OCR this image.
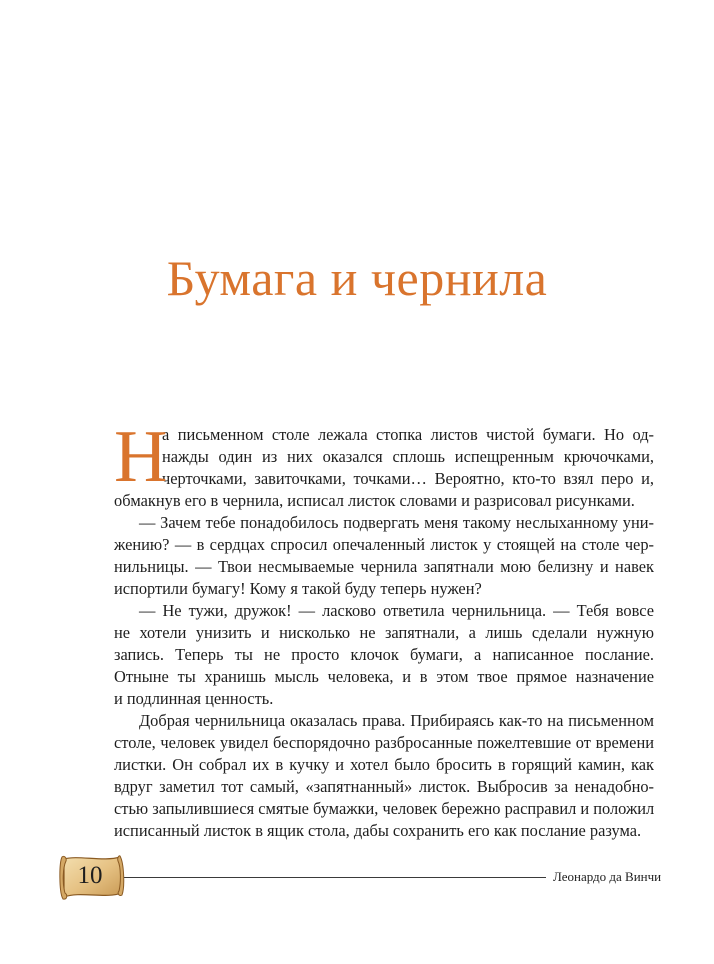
Бумага и чернила
Н
а письменном столе лежала стопка листов чистой бумаги. Но од-
нажды один из них оказался сплошь испещренным крючочками,
черточками, завиточками, точками… Вероятно, кто-то взял перо и,
обмакнув его в чернила, исписал листок словами и разрисовал рисунками.
— Зачем тебе понадобилось подвергать меня такому неслыханному уни-
жению? — в сердцах спросил опечаленный листок у стоящей на столе чер-
нильницы. — Твои несмываемые чернила запятнали мою белизну и навек
испортили бумагу! Кому я такой буду теперь нужен?
— Не тужи, дружок! — ласково ответила чернильница. — Тебя вовсе
не хотели унизить и нисколько не запятнали, а лишь сделали нужную
запись. Теперь ты не просто клочок бумаги, а написанное послание.
Отныне ты хранишь мысль человека, и в этом твое прямое назначение
и подлинная ценность.
Добрая чернильница оказалась права. Прибираясь как-то на письменном
столе, человек увидел беспорядочно разбросанные пожелтевшие от времени
листки. Он собрал их в кучку и хотел было бросить в горящий камин, как
вдруг заметил тот самый, «запятнанный» листок. Выбросив за ненадобно-
стью запылившиеся смятые бумажки, человек бережно расправил и положил
исписанный листок в ящик стола, дабы сохранить его как послание разума.
Леонардо да Винчи
10
